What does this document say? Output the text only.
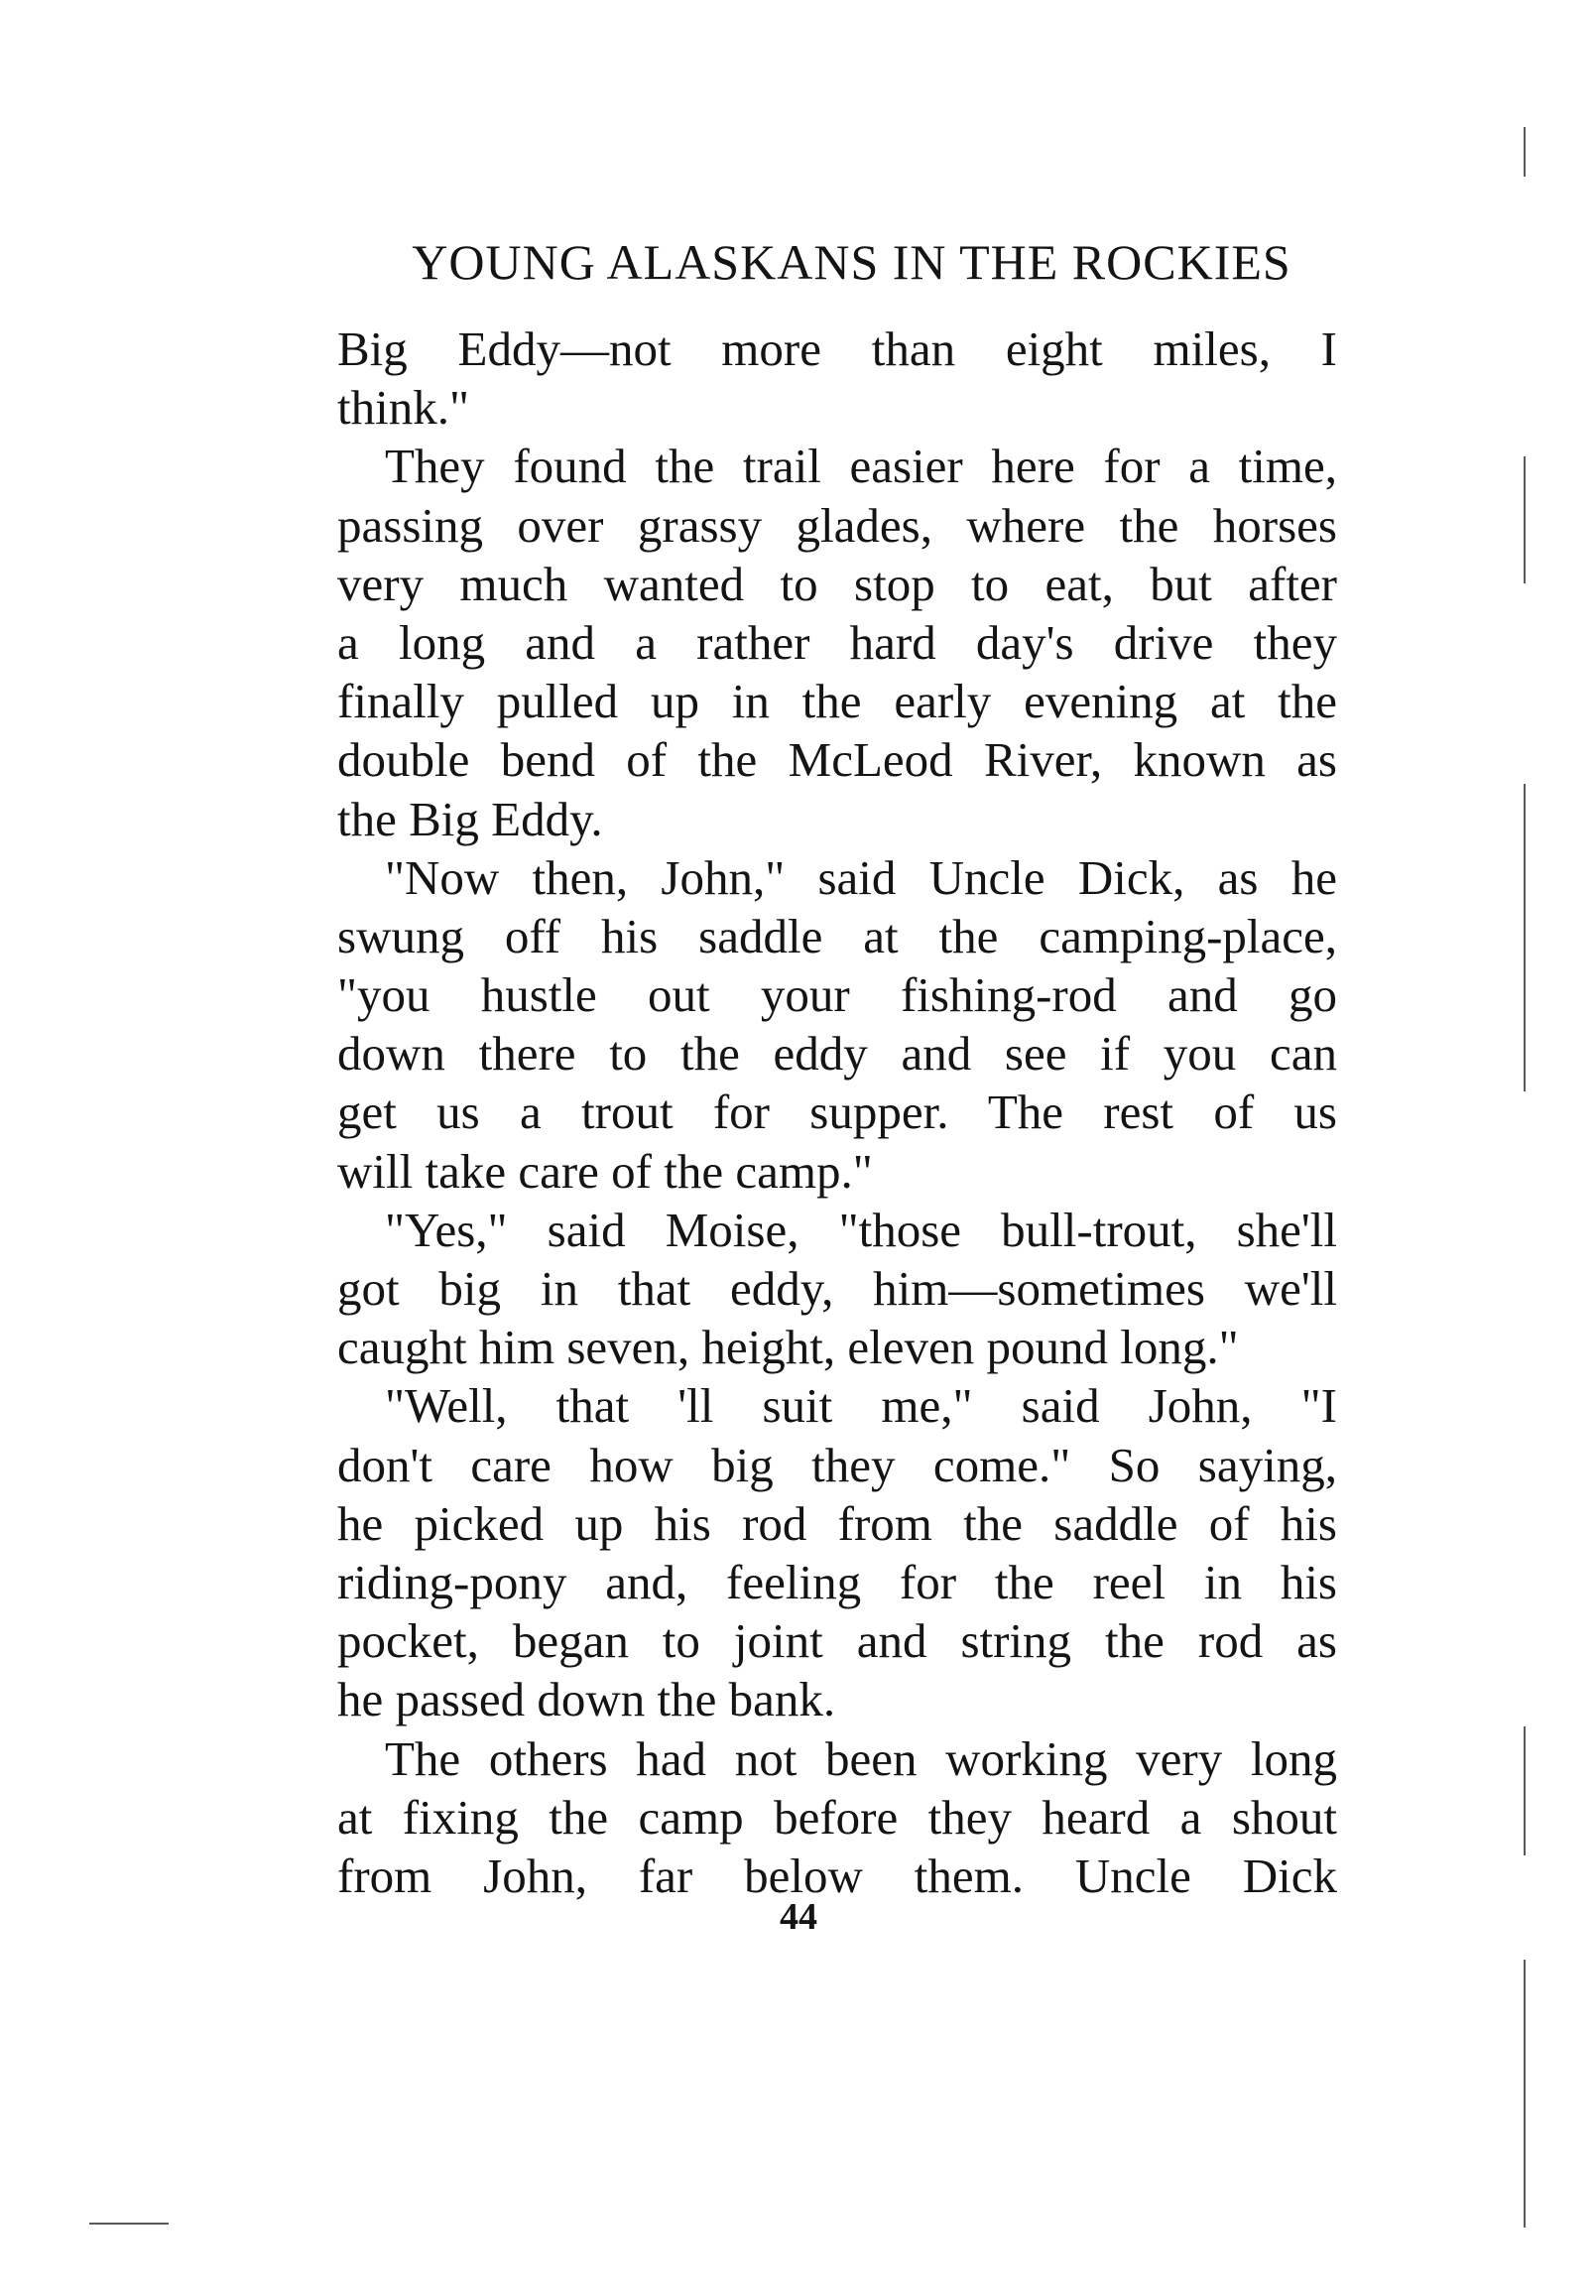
YOUNG ALASKANS IN THE ROCKIES
Big Eddy—not more than eight miles, I
think."
They found the trail easier here for a time,
passing over grassy glades, where the horses
very much wanted to stop to eat, but after
a long and a rather hard day's drive they
finally pulled up in the early evening at the
double bend of the McLeod River, known as
the Big Eddy.
"Now then, John," said Uncle Dick, as he
swung off his saddle at the camping-place,
"you hustle out your fishing-rod and go
down there to the eddy and see if you can
get us a trout for supper. The rest of us
will take care of the camp."
"Yes," said Moise, "those bull-trout, she'll
got big in that eddy, him—sometimes we'll
caught him seven, height, eleven pound long."
"Well, that 'll suit me," said John, "I
don't care how big they come." So saying,
he picked up his rod from the saddle of his
riding-pony and, feeling for the reel in his
pocket, began to joint and string the rod as
he passed down the bank.
The others had not been working very long
at fixing the camp before they heard a shout
from John, far below them. Uncle Dick
44
